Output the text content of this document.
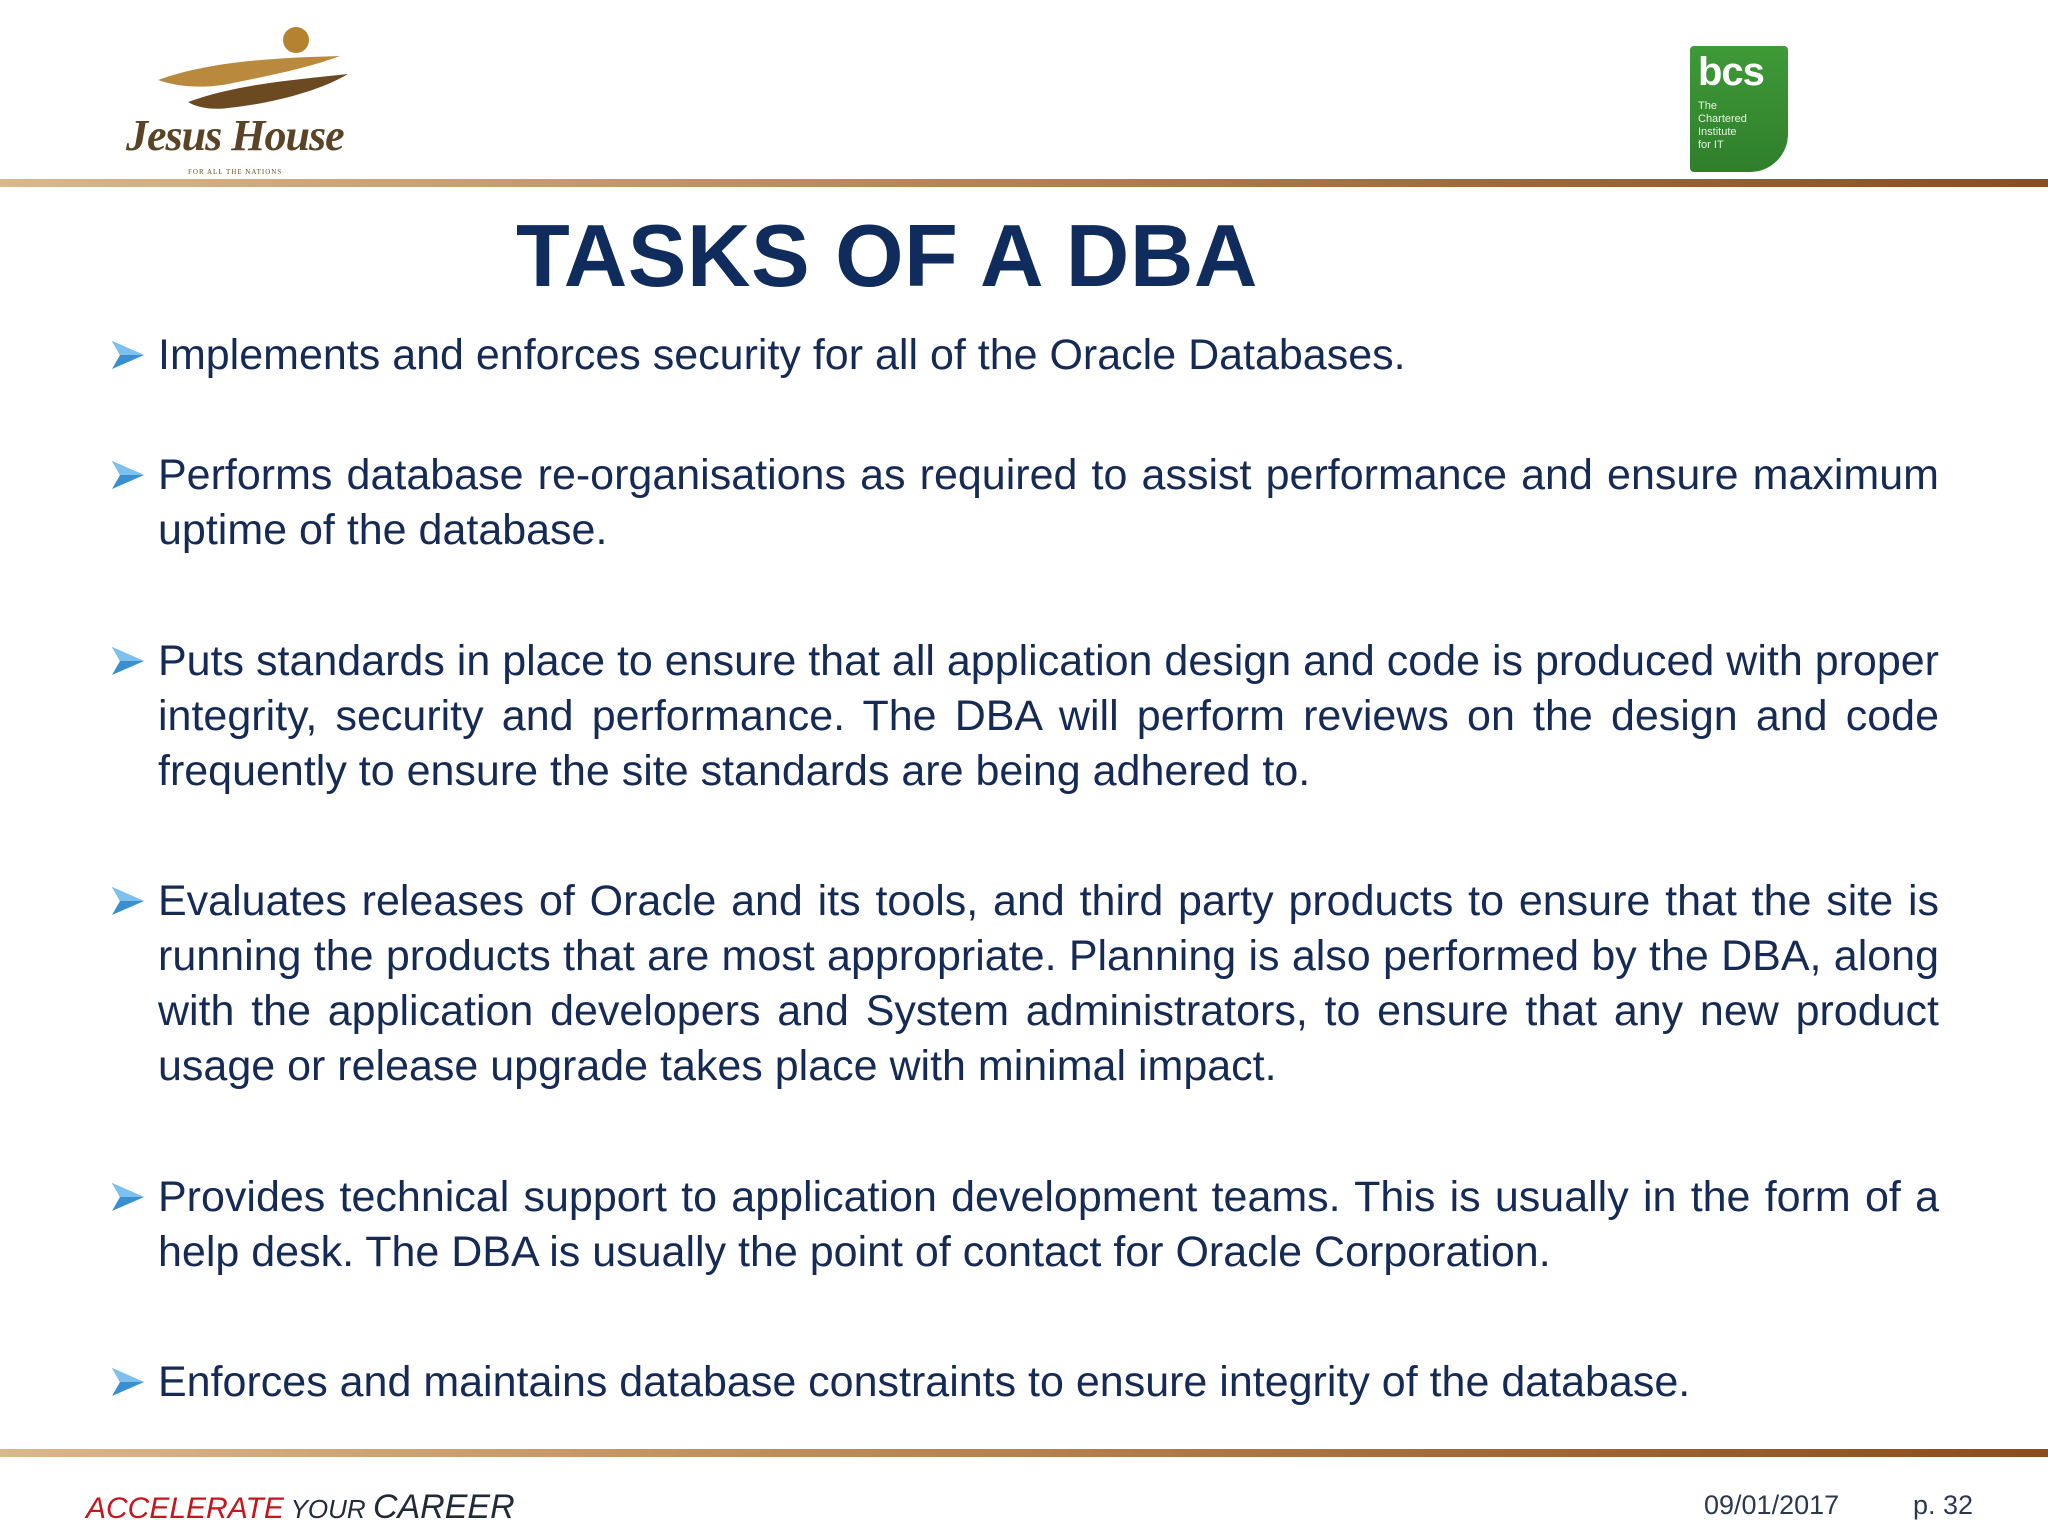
Jesus House
FOR ALL THE NATIONS
bcs
The
Chartered
Institute
for IT
TASKS OF A DBA

Implements and enforces security for all of the Oracle Databases.

Performs database re-organisations as required to assist performance and ensure maximum uptime of the database.

Puts standards in place to ensure that all application design and code is produced with proper integrity, security and performance. The DBA will perform reviews on the design and code frequently to ensure the site standards are being adhered to.

Evaluates releases of Oracle and its tools, and third party products to ensure that the site is running the products that are most appropriate. Planning is also performed by the DBA, along with the application developers and System administrators, to ensure that any new product usage or release upgrade takes place with minimal impact.

Provides technical support to application development teams. This is usually in the form of a help desk. The DBA is usually the point of contact for Oracle Corporation.

Enforces and maintains database constraints to ensure integrity of the database.

ACCELERATE YOUR CAREER	09/01/2017	p. 32
